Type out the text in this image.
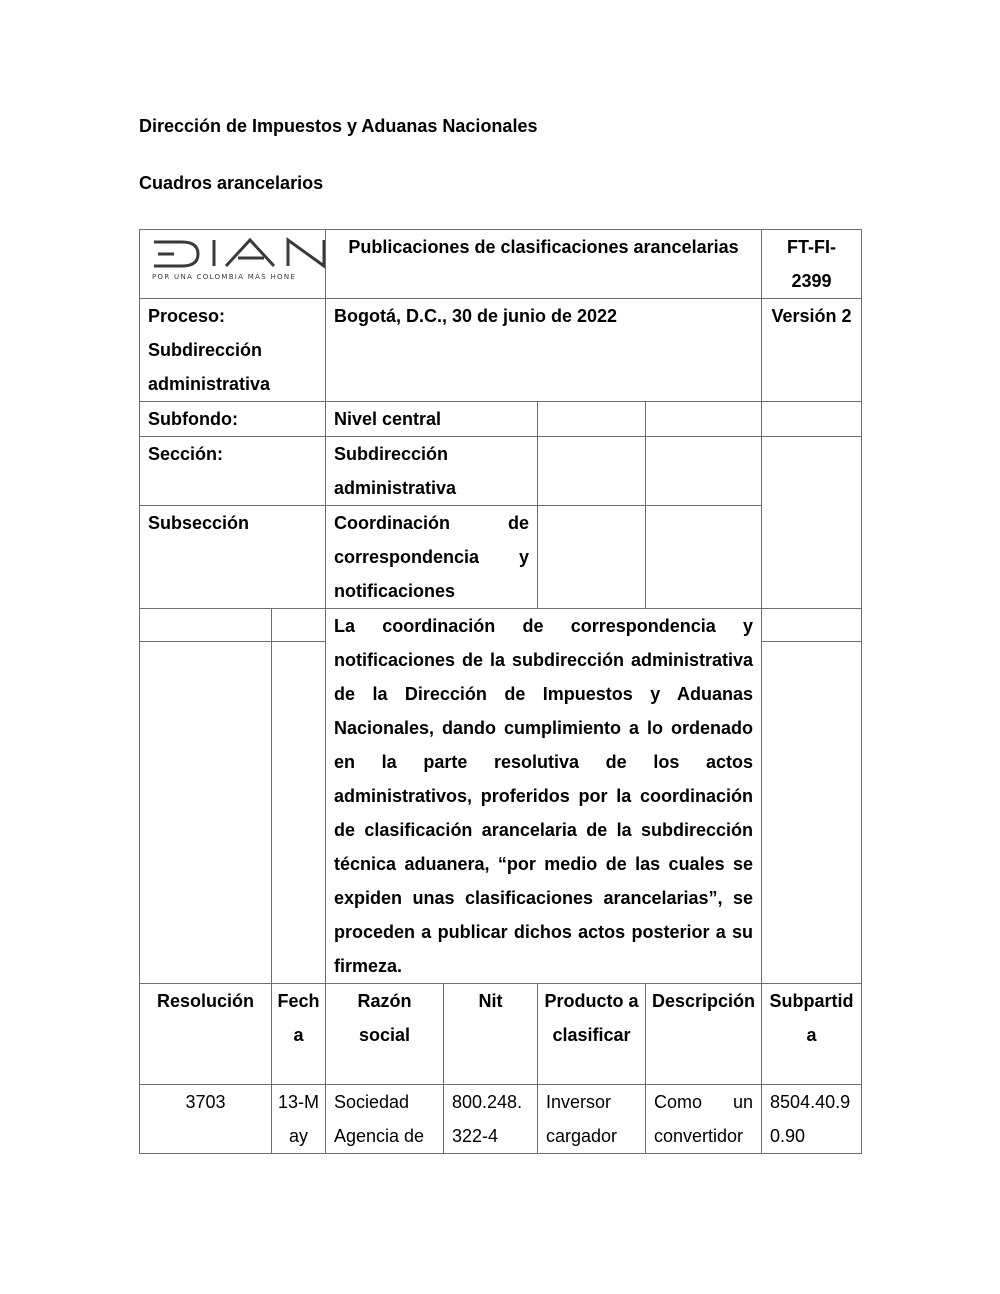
Dirección de Impuestos y Aduanas Nacionales

Cuadros arancelarios

POR UNA COLOMBIA MÁS HONE		Publicaciones de clasificaciones arancelarias				FT-FI-2399
Proceso: Subdirección administrativa		Bogotá, D.C., 30 de junio de 2022				Versión 2
Subfondo:		Nivel central				
Sección:		Subdirección administrativa				
Subsección		Coordinación de correspondencia y notificaciones				
		La coordinación de correspondencia y notificaciones de la subdirección administrativa de la Dirección de Impuestos y Aduanas Nacionales, dando cumplimiento a lo ordenado en la parte resolutiva de los actos administrativos, proferidos por la coordinación de clasificación arancelaria de la subdirección técnica aduanera, “por medio de las cuales se expiden unas clasificaciones arancelarias”, se proceden a publicar dichos actos posterior a su firmeza.				

Resolución	Fecha	Razón social	Nit	Producto a clasificar	Descripción	Subpartida
3703	13-May	Sociedad Agencia de	800.248.322-4	Inversor cargador	Como un convertidor	8504.40.90.90
